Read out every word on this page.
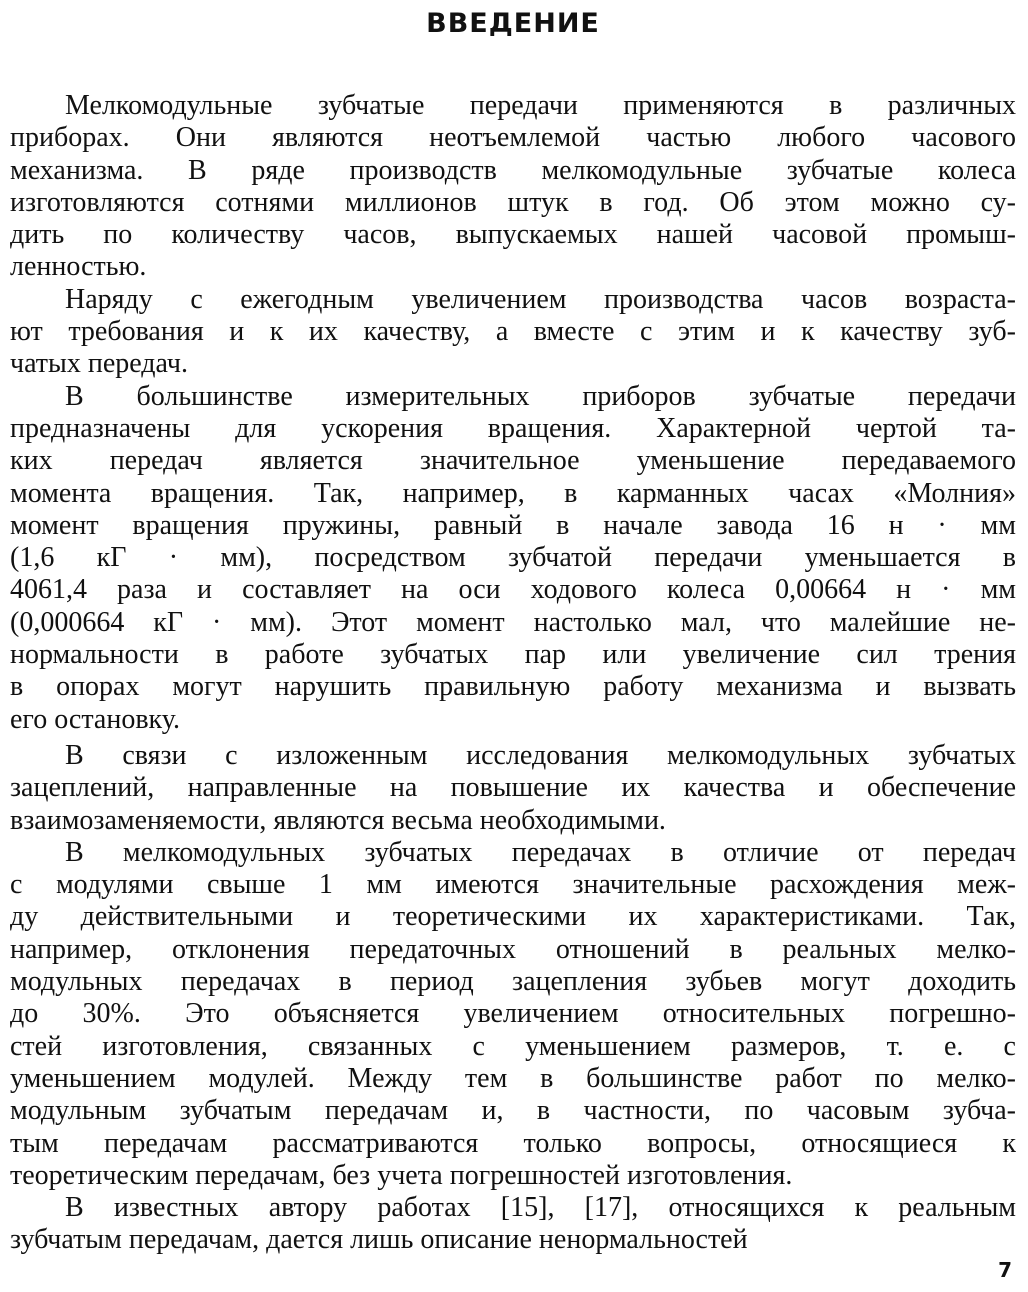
ВВЕДЕНИЕ
Мелкомодульные зубчатые передачи применяются в различных
приборах. Они являются неотъемлемой частью любого часового
механизма. В ряде производств мелкомодульные зубчатые колеса
изготовляются сотнями миллионов штук в год. Об этом можно су-
дить по количеству часов, выпускаемых нашей часовой промыш-
ленностью.
Наряду с ежегодным увеличением производства часов возраста-
ют требования и к их качеству, а вместе с этим и к качеству зуб-
чатых передач.
В большинстве измерительных приборов зубчатые передачи
предназначены для ускорения вращения. Характерной чертой та-
ких передач является значительное уменьшение передаваемого
момента вращения. Так, например, в карманных часах «Молния»
момент вращения пружины, равный в начале завода 16 н · мм
(1,6 кГ · мм), посредством зубчатой передачи уменьшается в
4061,4 раза и составляет на оси ходового колеса 0,00664 н · мм
(0,000664 кГ · мм). Этот момент настолько мал, что малейшие не-
нормальности в работе зубчатых пар или увеличение сил трения
в опорах могут нарушить правильную работу механизма и вызвать
его остановку.
В связи с изложенным исследования мелкомодульных зубчатых
зацеплений, направленные на повышение их качества и обеспечение
взаимозаменяемости, являются весьма необходимыми.
В мелкомодульных зубчатых передачах в отличие от передач
с модулями свыше 1 мм имеются значительные расхождения меж-
ду действительными и теоретическими их характеристиками. Так,
например, отклонения передаточных отношений в реальных мелко-
модульных передачах в период зацепления зубьев могут доходить
до 30%. Это объясняется увеличением относительных погрешно-
стей изготовления, связанных с уменьшением размеров, т. е. с
уменьшением модулей. Между тем в большинстве работ по мелко-
модульным зубчатым передачам и, в частности, по часовым зубча-
тым передачам рассматриваются только вопросы, относящиеся к
теоретическим передачам, без учета погрешностей изготовления.
В известных автору работах [15], [17], относящихся к реальным
зубчатым передачам, дается лишь описание ненормальностей
7
